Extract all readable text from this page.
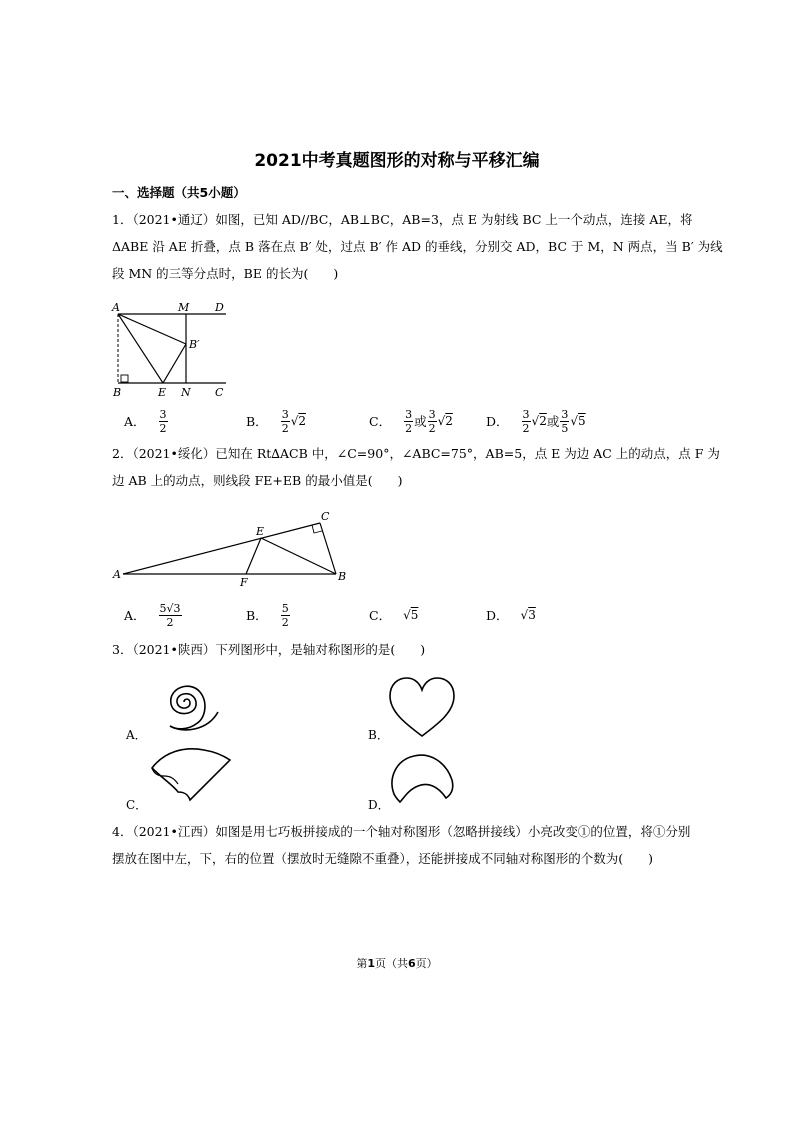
2021中考真题图形的对称与平移汇编
一、选择题（共5小题）
1．（2021•通辽）如图，已知 AD//BC，AB⊥BC，AB=3，点 E 为射线 BC 上一个动点，连接 AE，将
ΔABE 沿 AE 折叠，点 B 落在点 B′ 处，过点 B′ 作 AD 的垂线，分别交 AD，BC 于 M，N 两点，当 B′ 为线
段 MN 的三等分点时，BE 的长为(　　)
A	M D
B′
B	E N C
A． $\frac{3}{2}$	B． $\frac{3}{2} √2$	C． $\frac{3}{2}$ 或 $\frac{3}{2} √2$	D． $\frac{3}{2} √2$ 或 $\frac{3}{5} √5$
2．（2021•绥化）已知在 Rt∆ACB 中，∠C=90°，∠ABC=75°，AB=5，点 E 为边 AC 上的动点，点 F 为
边 AB 上的动点，则线段 FE+EB 的最小值是(　　)
A	B
C
E
F
A． $\frac{5√3}{2}$	B． $\frac{5}{2}$	C． √5	D． √3
3．（2021•陕西）下列图形中，是轴对称图形的是(　　)
A．	B．
C．	D．
4．（2021•江西）如图是用七巧板拼接成的一个轴对称图形（忽略拼接线）小亮改变①的位置，将①分别
摆放在图中左，下，右的位置（摆放时无缝隙不重叠），还能拼接成不同轴对称图形的个数为(　　)
第1页（共6页）
